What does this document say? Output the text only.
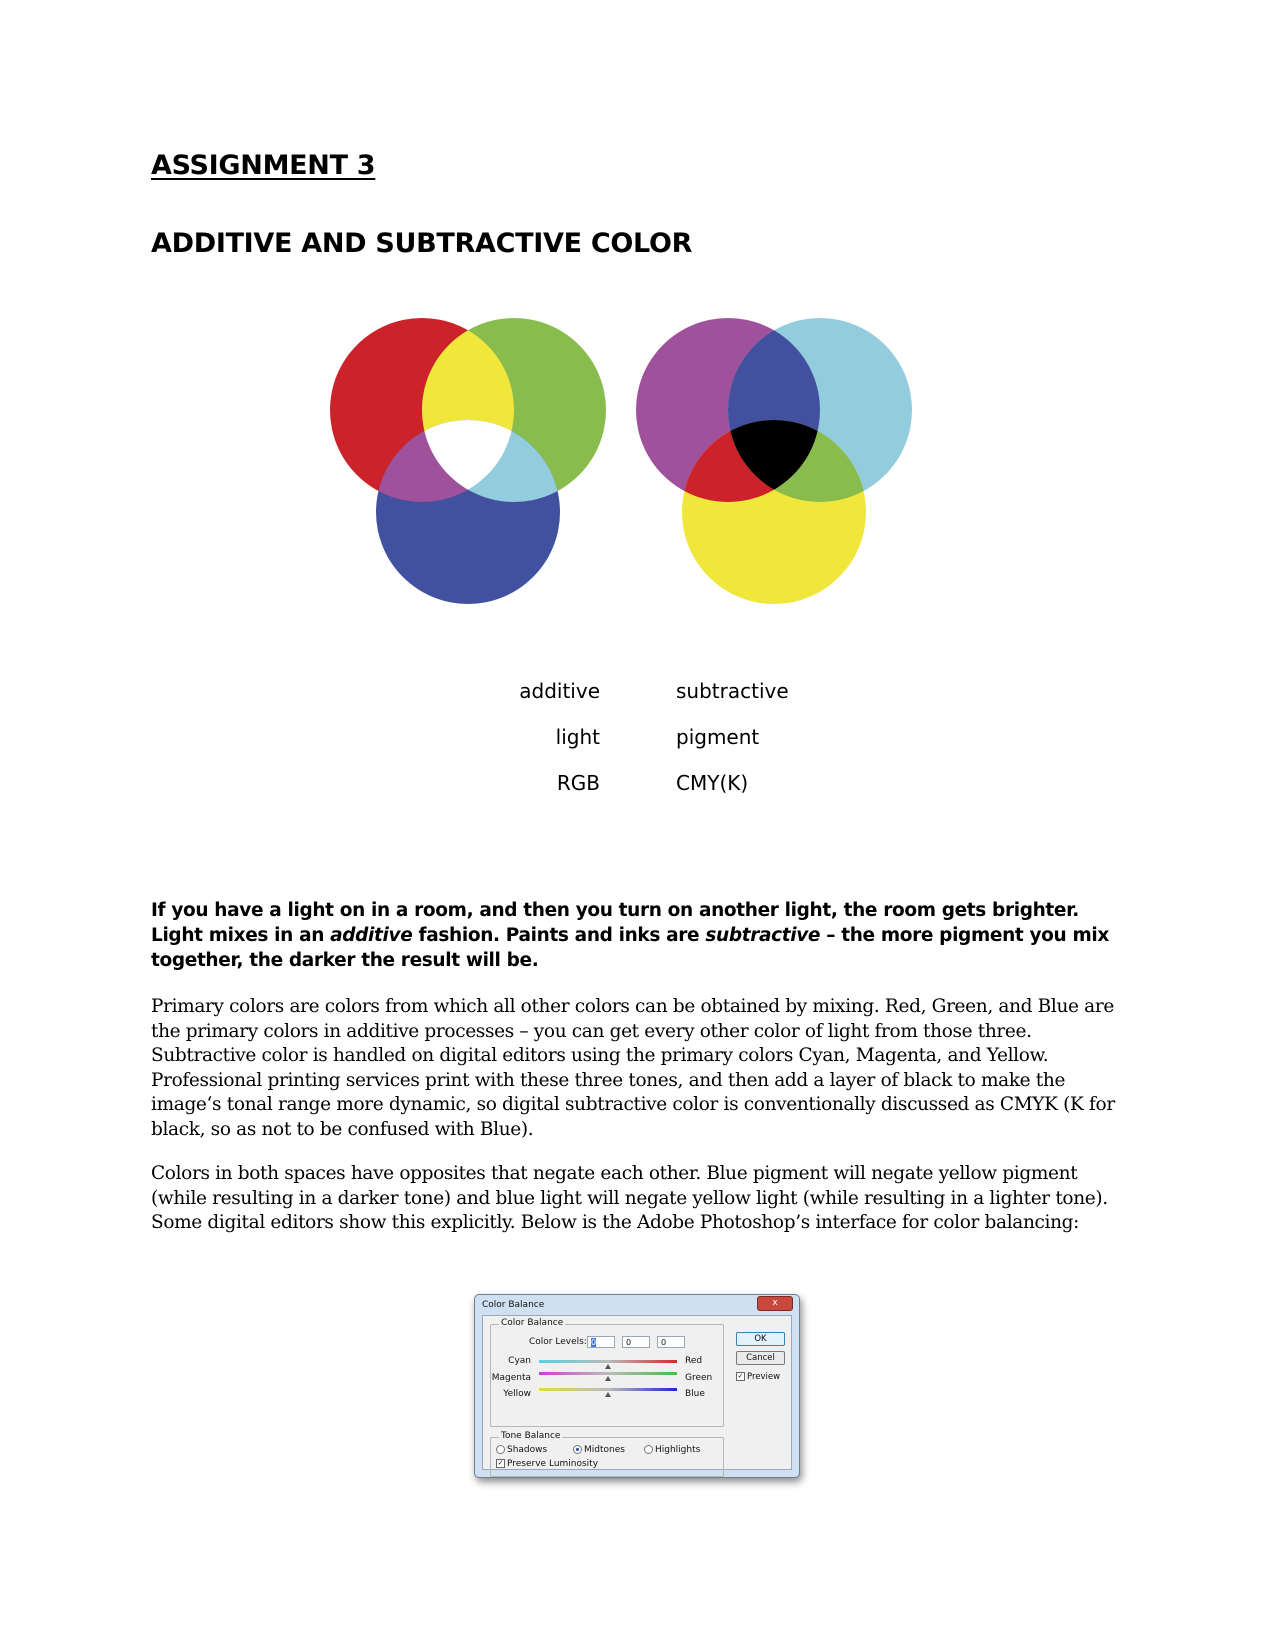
ASSIGNMENT 3
ADDITIVE AND SUBTRACTIVE COLOR
additive	subtractive
light	pigment
RGB	CMY(K)

If you have a light on in a room, and then you turn on another light, the room gets brighter. Light mixes in an additive fashion. Paints and inks are subtractive – the more pigment you mix together, the darker the result will be.

Primary colors are colors from which all other colors can be obtained by mixing. Red, Green, and Blue are the primary colors in additive processes – you can get every other color of light from those three. Subtractive color is handled on digital editors using the primary colors Cyan, Magenta, and Yellow. Professional printing services print with these three tones, and then add a layer of black to make the image‘s tonal range more dynamic, so digital subtractive color is conventionally discussed as CMYK (K for black, so as not to be confused with Blue).

Colors in both spaces have opposites that negate each other. Blue pigment will negate yellow pigment (while resulting in a darker tone) and blue light will negate yellow light (while resulting in a lighter tone). Some digital editors show this explicitly. Below is the Adobe Photoshop’s interface for color balancing:

Color Balance	x
Color Balance
Color Levels: 0	0	0
Cyan	Red
Magenta	Green
Yellow	Blue
Tone Balance
Shadows	Midtones	Highlights
✓ Preserve Luminosity
OK
Cancel
✓ Preview
